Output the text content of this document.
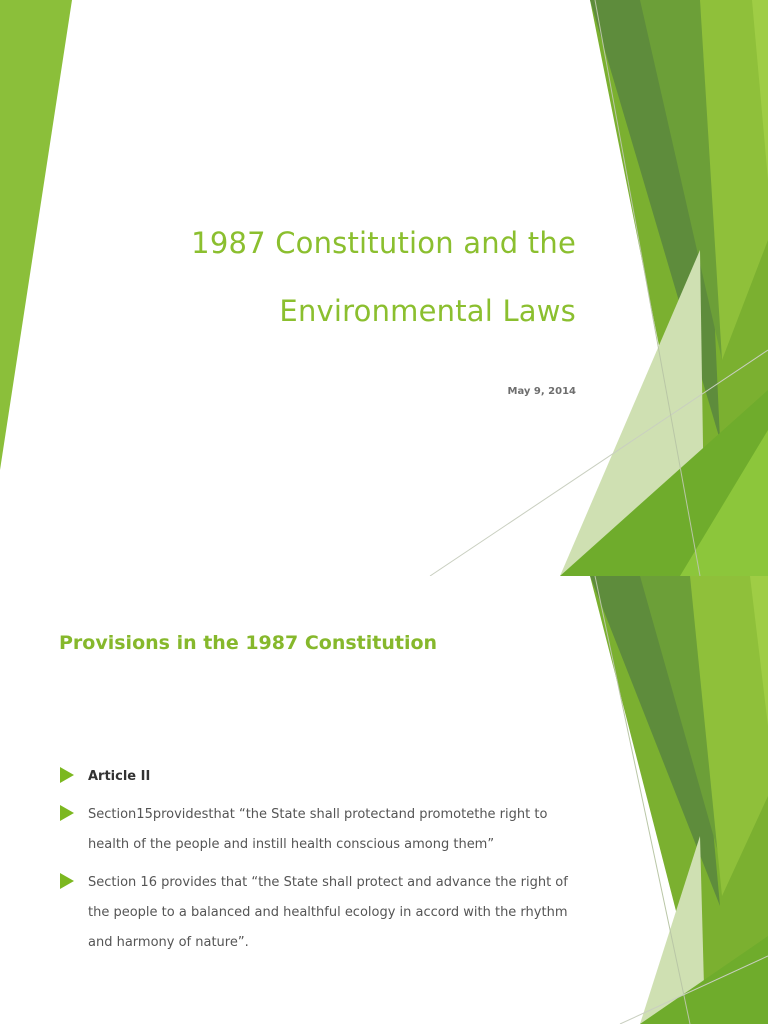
1987 Constitution and the
Environmental Laws
May 9, 2014
Provisions in the 1987 Constitution
Article II
Section15providesthat “the State shall protectand promotethe right to health of the people and instill health conscious among them”
Section 16 provides that “the State shall protect and advance the right of the people to a balanced and healthful ecology in accord with the rhythm and harmony of nature”.
